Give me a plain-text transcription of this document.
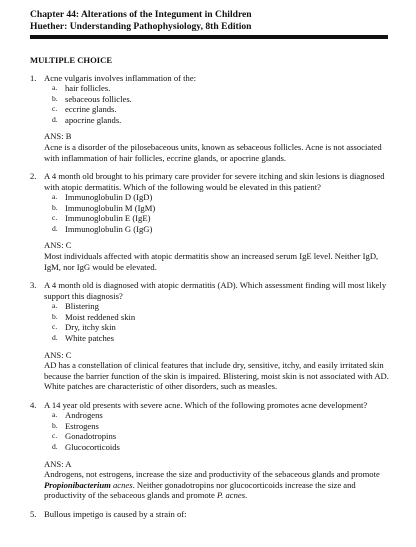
Chapter 44: Alterations of the Integument in Children
Huether: Understanding Pathophysiology, 8th Edition
MULTIPLE CHOICE
1. Acne vulgaris involves inflammation of the:
a. hair follicles.
b. sebaceous follicles.
c. eccrine glands.
d. apocrine glands.
ANS: B
Acne is a disorder of the pilosebaceous units, known as sebaceous follicles. Acne is not associated with inflammation of hair follicles, eccrine glands, or apocrine glands.
2. A 4 month old brought to his primary care provider for severe itching and skin lesions is diagnosed with atopic dermatitis. Which of the following would be elevated in this patient?
a. Immunoglobulin D (IgD)
b. Immunoglobulin M (IgM)
c. Immunoglobulin E (IgE)
d. Immunoglobulin G (IgG)
ANS: C
Most individuals affected with atopic dermatitis show an increased serum IgE level. Neither IgD, IgM, nor IgG would be elevated.
3. A 4 month old is diagnosed with atopic dermatitis (AD). Which assessment finding will most likely support this diagnosis?
a. Blistering
b. Moist reddened skin
c. Dry, itchy skin
d. White patches
ANS: C
AD has a constellation of clinical features that include dry, sensitive, itchy, and easily irritated skin because the barrier function of the skin is impaired. Blistering, moist skin is not associated with AD. White patches are characteristic of other disorders, such as measles.
4. A 14 year old presents with severe acne. Which of the following promotes acne development?
a. Androgens
b. Estrogens
c. Gonadotropins
d. Glucocorticoids
ANS: A
Androgens, not estrogens, increase the size and productivity of the sebaceous glands and promote Propionibacterium acnes. Neither gonadotropins nor glucocorticoids increase the size and productivity of the sebaceous glands and promote P. acnes.
5. Bullous impetigo is caused by a strain of:
